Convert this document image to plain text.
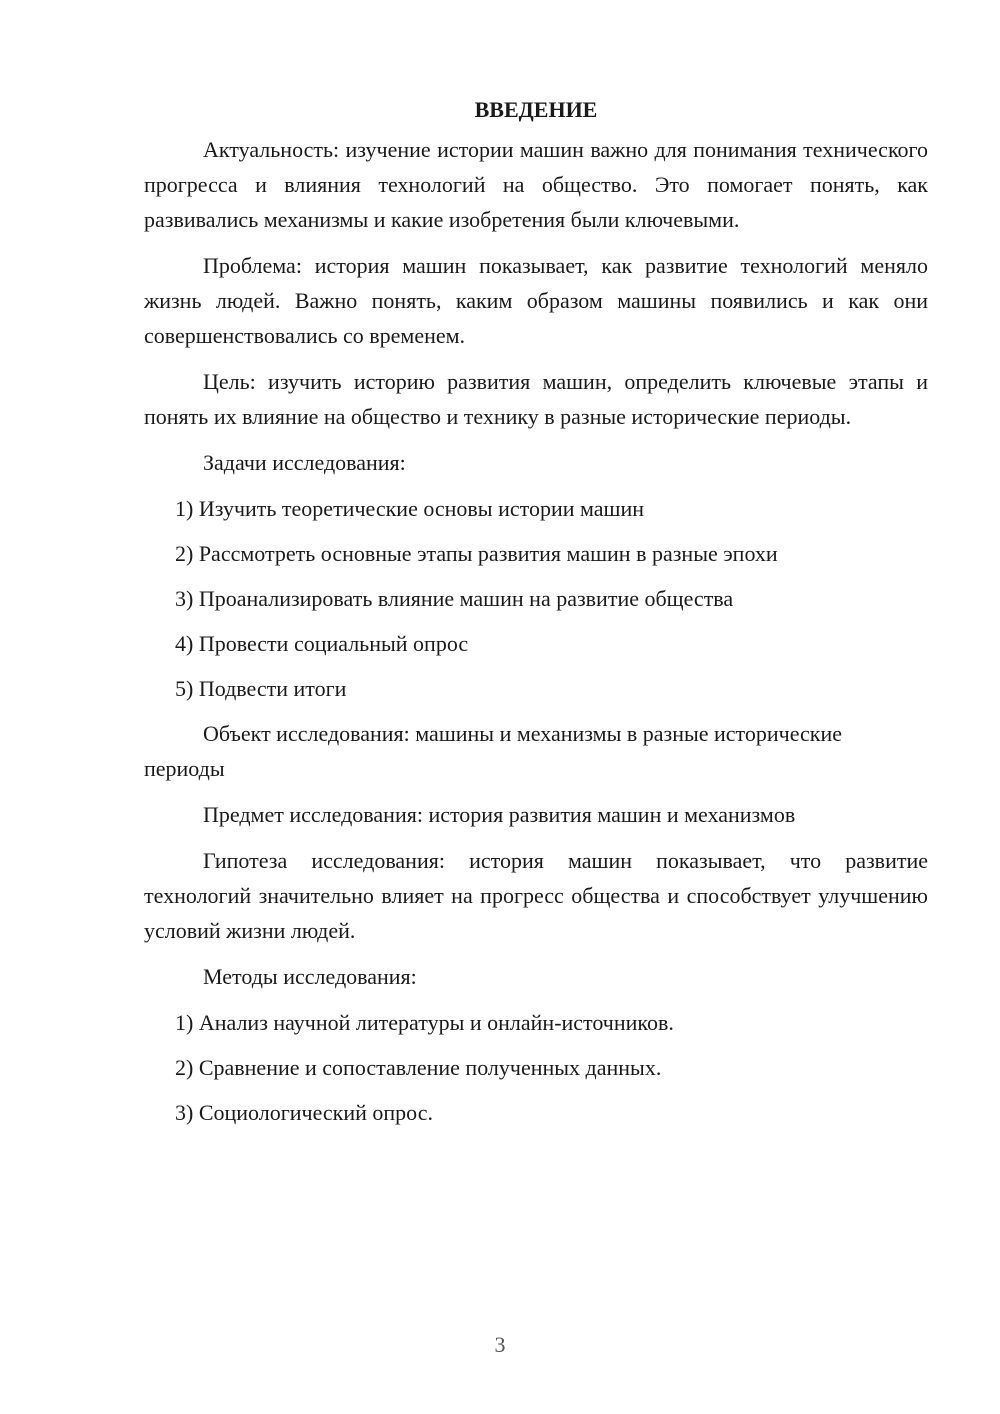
ВВЕДЕНИЕ

Актуальность: изучение истории машин важно для понимания технического прогресса и влияния технологий на общество. Это помогает понять, как развивались механизмы и какие изобретения были ключевыми.

Проблема: история машин показывает, как развитие технологий меняло жизнь людей. Важно понять, каким образом машины появились и как они совершенствовались со временем.

Цель: изучить историю развития машин, определить ключевые этапы и понять их влияние на общество и технику в разные исторические периоды.

Задачи исследования:

1) Изучить теоретические основы истории машин

2) Рассмотреть основные этапы развития машин в разные эпохи

3) Проанализировать влияние машин на развитие общества

4) Провести социальный опрос

5) Подвести итоги

Объект исследования: машины и механизмы в разные исторические периоды

Предмет исследования: история развития машин и механизмов

Гипотеза исследования: история машин показывает, что развитие технологий значительно влияет на прогресс общества и способствует улучшению условий жизни людей.

Методы исследования:

1) Анализ научной литературы и онлайн-источников.

2) Сравнение и сопоставление полученных данных.

3) Социологический опрос.

3
